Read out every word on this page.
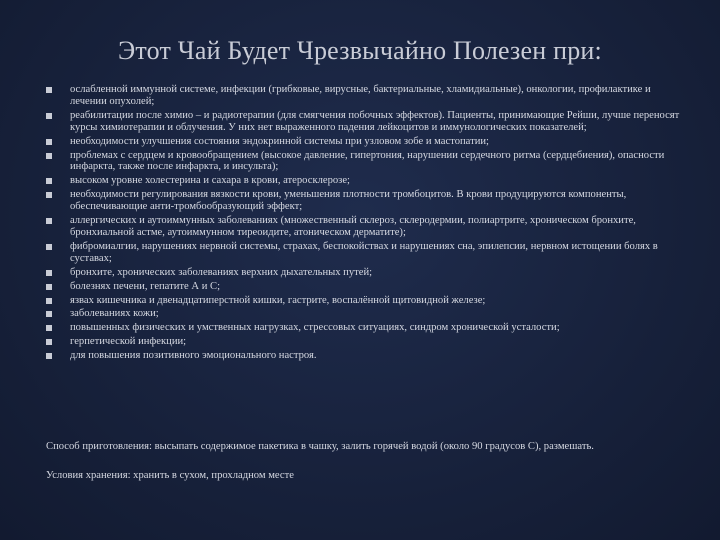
Этот Чай Будет Чрезвычайно Полезен при:
ослабленной иммунной системе, инфекции (грибковые, вирусные, бактериальные, хламидиальные), онкологии, профилактике и лечении опухолей;
реабилитации после химио – и радиотерапии (для смягчения побочных эффектов). Пациенты, принимающие Рейши, лучше переносят курсы химиотерапии и облучения. У них нет выраженного падения лейкоцитов и иммунологических показателей;
необходимости улучшения состояния эндокринной системы при узловом зобе и мастопатии;
проблемах с сердцем и кровообращением (высокое давление, гипертония, нарушении сердечного ритма (сердцебиения), опасности инфаркта, также после инфаркта, и инсульта);
высоком уровне холестерина и сахара в крови, атеросклерозе;
необходимости регулирования вязкости крови, уменьшения плотности тромбоцитов. В крови продуцируются компоненты, обеспечивающие анти-тромбообразующий эффект;
аллергических и аутоиммунных заболеваниях (множественный склероз, склеродермии, полиартрите, хроническом бронхите, бронхиальной астме, аутоиммунном тиреоидите, атоническом дерматите);
фибромиалгии, нарушениях нервной системы, страхах, беспокойствах и нарушениях сна, эпилепсии, нервном истощении болях в суставах;
бронхите, хронических заболеваниях верхних дыхательных путей;
болезнях печени, гепатите А и С;
язвах кишечника и двенадцатиперстной кишки, гастрите, воспалённой щитовидной железе;
заболеваниях кожи;
повышенных физических и умственных нагрузках, стрессовых ситуациях, синдром хронической усталости;
герпетической инфекции;
для повышения позитивного эмоционального настроя.
Способ приготовления: высыпать содержимое пакетика в чашку, залить горячей водой (около 90 градусов С), размешать.
Условия хранения: хранить в сухом, прохладном месте
